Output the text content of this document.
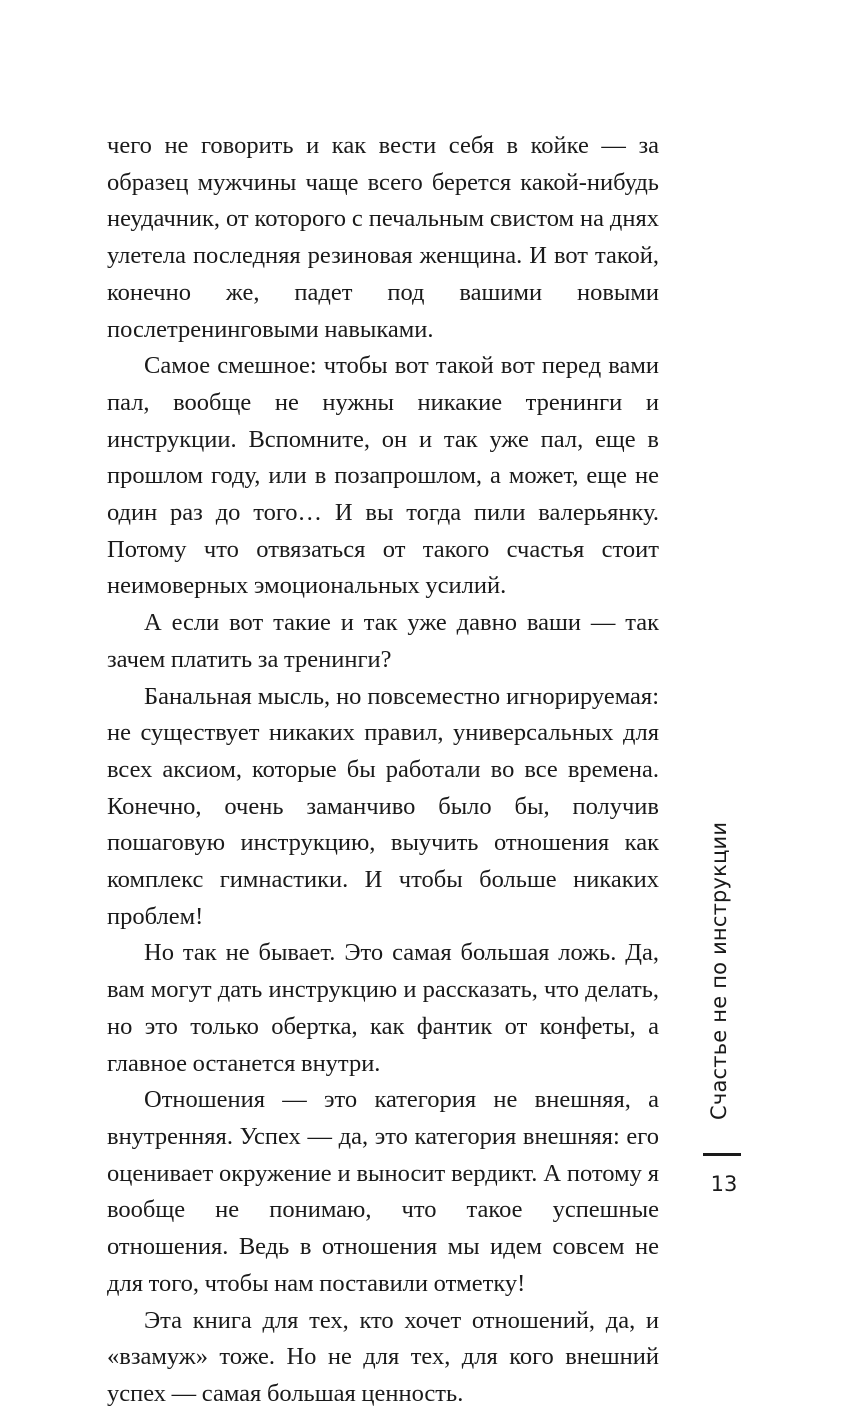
чего не говорить и как вести себя в койке — за образец мужчины чаще всего берется какой-нибудь неудачник, от которого с печальным свистом на днях улетела последняя резиновая женщина. И вот такой, конечно же, падет под вашими новыми послетренинговыми навыками.

Самое смешное: чтобы вот такой вот перед вами пал, вообще не нужны никакие тренинги и инструкции. Вспомните, он и так уже пал, еще в прошлом году, или в позапрошлом, а может, еще не один раз до того… И вы тогда пили валерьянку. Потому что отвязаться от такого счастья стоит неимоверных эмоциональных усилий.

А если вот такие и так уже давно ваши — так зачем платить за тренинги?

Банальная мысль, но повсеместно игнорируемая: не существует никаких правил, универсальных для всех аксиом, которые бы работали во все времена. Конечно, очень заманчиво было бы, получив пошаговую инструкцию, выучить отношения как комплекс гимнастики. И чтобы больше никаких проблем!

Но так не бывает. Это самая большая ложь. Да, вам могут дать инструкцию и рассказать, что делать, но это только обертка, как фантик от конфеты, а главное останется внутри.

Отношения — это категория не внешняя, а внутренняя. Успех — да, это категория внешняя: его оценивает окружение и выносит вердикт. А потому я вообще не понимаю, что такое успешные отношения. Ведь в отношения мы идем совсем не для того, чтобы нам поставили отметку!

Эта книга для тех, кто хочет отношений, да, и «взамуж» тоже. Но не для тех, для кого внешний успех — самая большая ценность.

Счастье не по инструкции
13
